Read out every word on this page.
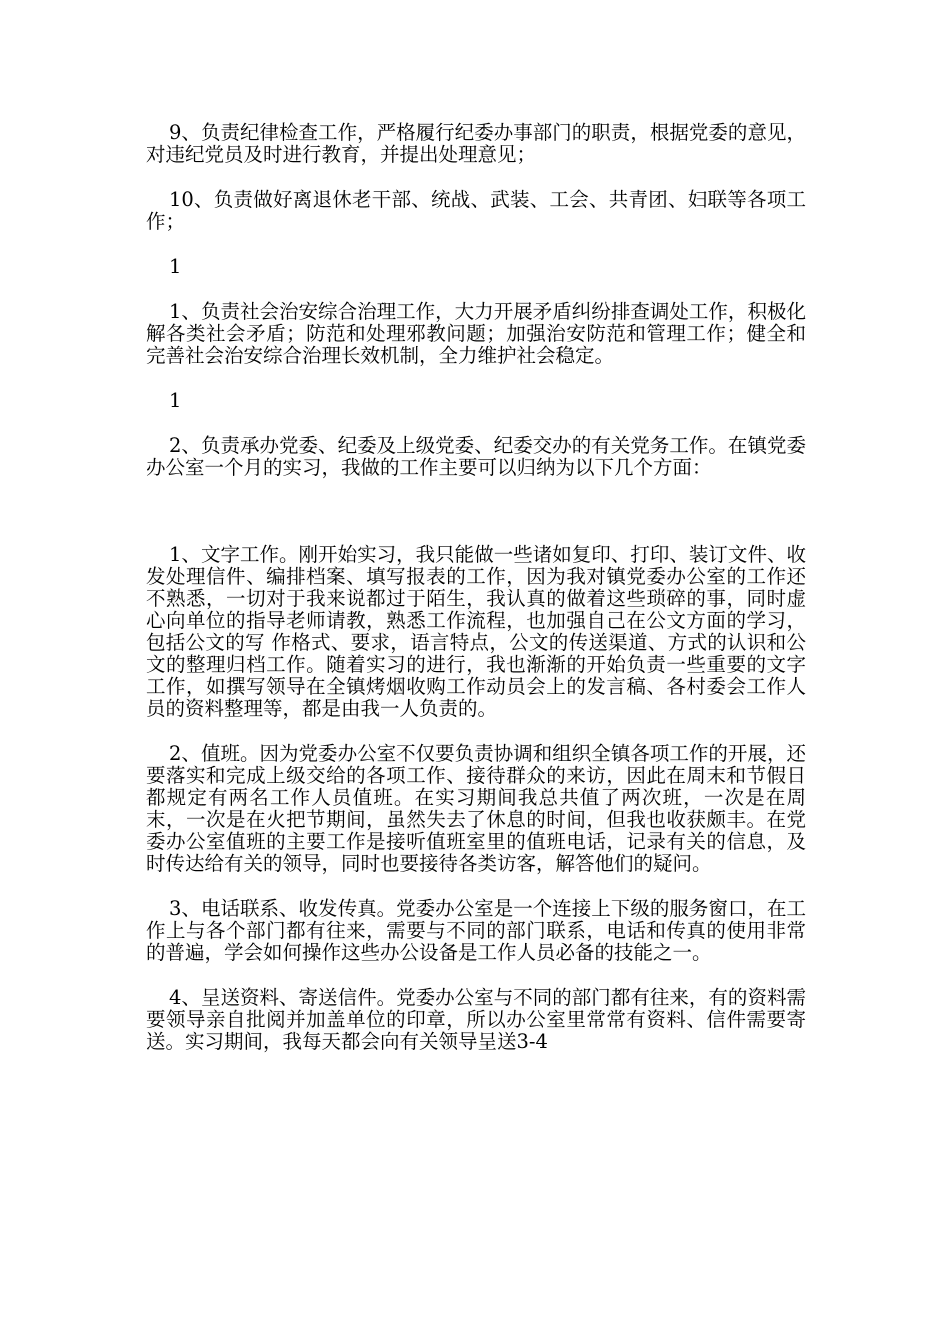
9、负责纪律检查工作，严格履行纪委办事部门的职责，根据党委的意见，对违纪党员及时进行教育，并提出处理意见；

10、负责做好离退休老干部、统战、武装、工会、共青团、妇联等各项工作；

1

1、负责社会治安综合治理工作，大力开展矛盾纠纷排查调处工作，积极化解各类社会矛盾；防范和处理邪教问题；加强治安防范和管理工作；健全和完善社会治安综合治理长效机制，全力维护社会稳定。

1

2、负责承办党委、纪委及上级党委、纪委交办的有关党务工作。在镇党委办公室一个月的实习，我做的工作主要可以归纳为以下几个方面：

1、文字工作。刚开始实习，我只能做一些诸如复印、打印、装订文件、收发处理信件、编排档案、填写报表的工作，因为我对镇党委办公室的工作还不熟悉，一切对于我来说都过于陌生，我认真的做着这些琐碎的事，同时虚心向单位的指导老师请教，熟悉工作流程，也加强自己在公文方面的学习，包括公文的写 作格式、要求，语言特点，公文的传送渠道、方式的认识和公文的整理归档工作。随着实习的进行，我也渐渐的开始负责一些重要的文字工作，如撰写领导在全镇烤烟收购工作动员会上的发言稿、各村委会工作人员的资料整理等，都是由我一人负责的。

2、值班。因为党委办公室不仅要负责协调和组织全镇各项工作的开展，还要落实和完成上级交给的各项工作、接待群众的来访，因此在周末和节假日都规定有两名工作人员值班。在实习期间我总共值了两次班，一次是在周末，一次是在火把节期间，虽然失去了休息的时间，但我也收获颇丰。在党委办公室值班的主要工作是接听值班室里的值班电话，记录有关的信息，及时传达给有关的领导，同时也要接待各类访客，解答他们的疑问。

3、电话联系、收发传真。党委办公室是一个连接上下级的服务窗口，在工作上与各个部门都有往来，需要与不同的部门联系，电话和传真的使用非常的普遍，学会如何操作这些办公设备是工作人员必备的技能之一。

4、呈送资料、寄送信件。党委办公室与不同的部门都有往来，有的资料需要领导亲自批阅并加盖单位的印章，所以办公室里常常有资料、信件需要寄送。实习期间，我每天都会向有关领导呈送3-4
